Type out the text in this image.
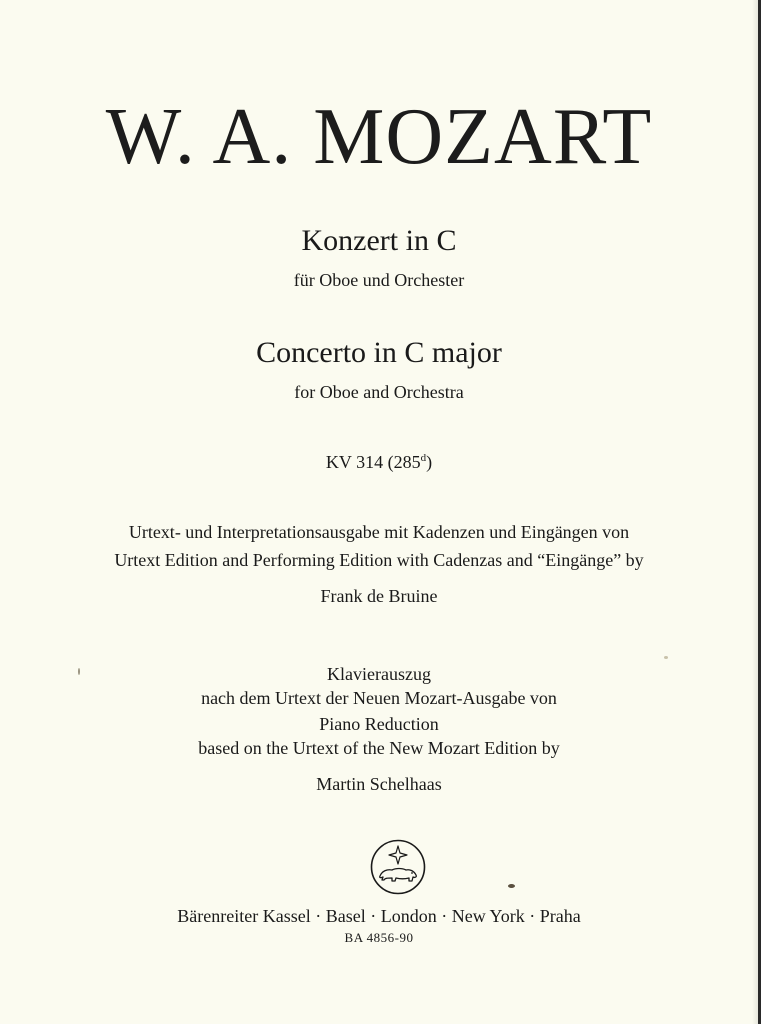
W. A. MOZART
Konzert in C
für Oboe und Orchester
Concerto in C major
for Oboe and Orchestra
KV 314 (285$^d$)
Urtext- und Interpretationsausgabe mit Kadenzen und Eingängen von
Urtext Edition and Performing Edition with Cadenzas and “Eingänge” by
Frank de Bruine
Klavierauszug
nach dem Urtext der Neuen Mozart-Ausgabe von
Piano Reduction
based on the Urtext of the New Mozart Edition by
Martin Schelhaas
Bärenreiter Kassel · Basel · London · New York · Praha
BA 4856-90
